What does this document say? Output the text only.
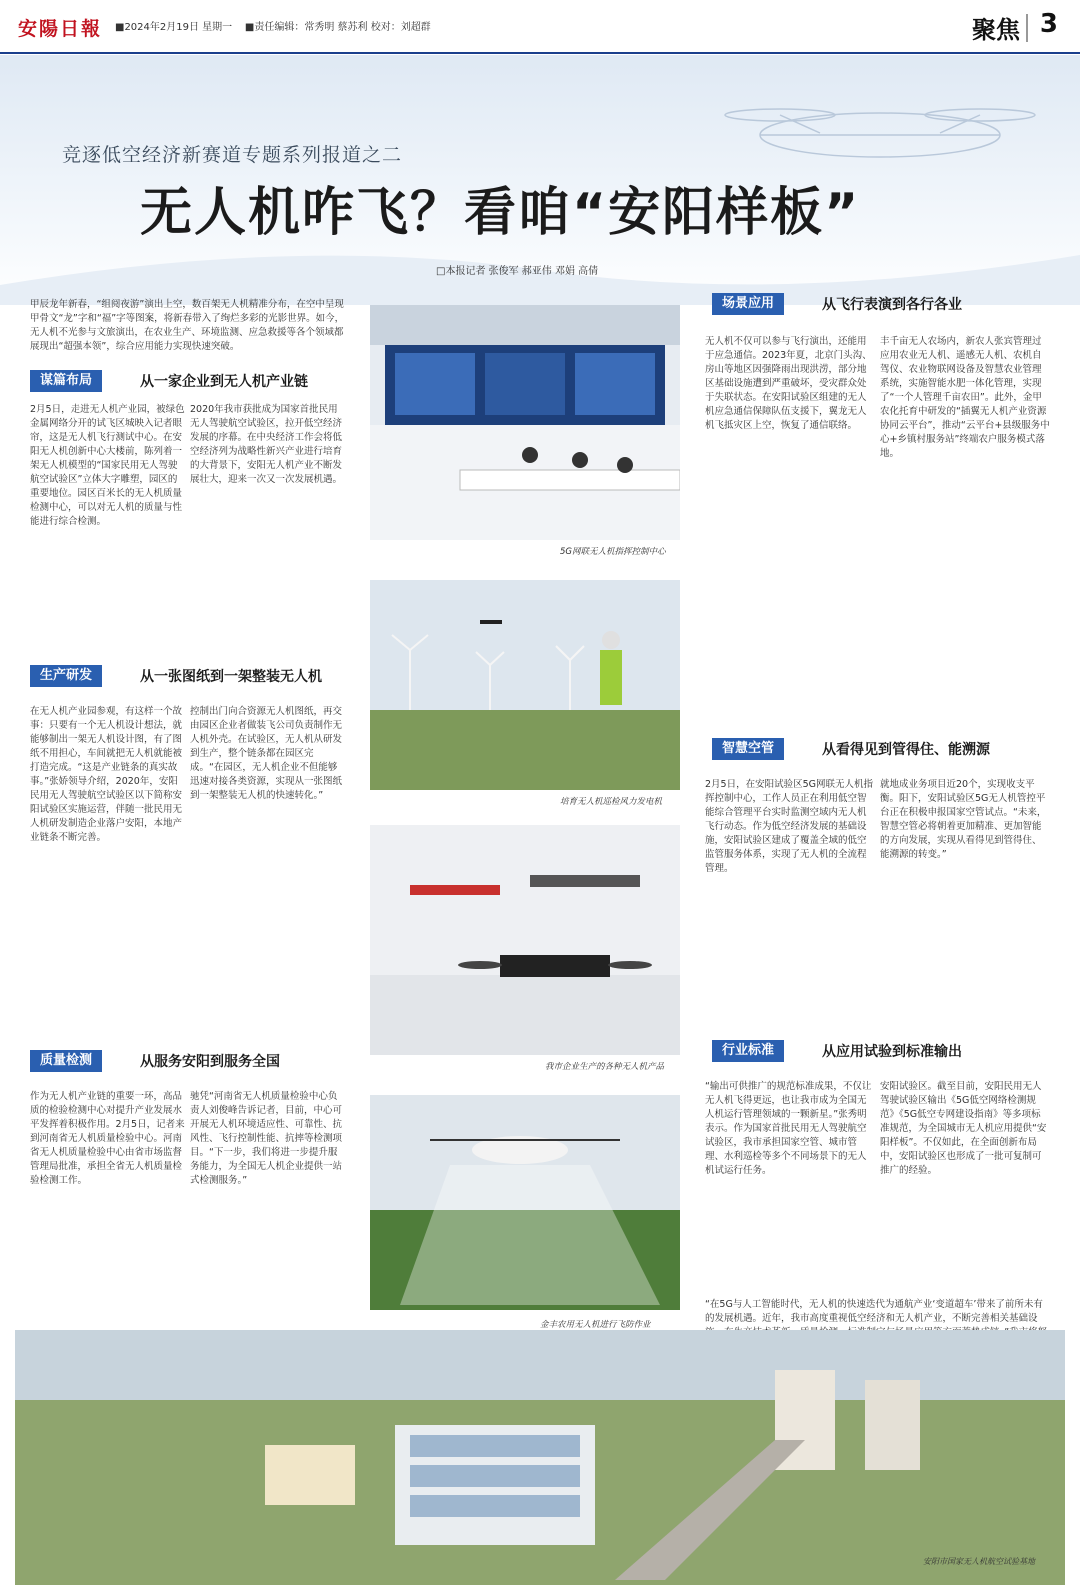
安陽日報 ■2024年2月19日 星期一 ■责任编辑：常秀明 蔡苏利 校对：刘超群	聚焦 3
竞逐低空经济新赛道专题系列报道之二
无人机咋飞？看咱“安阳样板”
□本报记者 张俊军 郝亚伟 邓娟 高倩
甲辰龙年新春，“组阅夜游”演出上空，数百架无人机精准分布，在空中呈现甲骨文“龙”字和“福”字等图案，将新春带入了绚烂多彩的光影世界。如今，无人机不光参与文旅演出，在农业生产、环境监测、应急救援等各个领域都展现出“超强本领”，综合应用能力实现快速突破。
谋篇布局	从一家企业到无人机产业链
2月5日，走进无人机产业园，被绿色金属网络分开的试飞区城映入记者眼帘，这是无人机飞行测试中心。在安阳无人机创新中心大楼前，陈列着一架无人机模型的“国家民用无人驾驶航空试验区”立体大字雕塑，园区的重要地位。园区百米长的无人机质量检测中心，可以对无人机的质量与性能进行综合检测。
2020年我市获批成为国家首批民用无人驾驶航空试验区，拉开低空经济发展的序幕。在中央经济工作会将低空经济列为战略性新兴产业进行培育的大背景下，安阳无人机产业不断发展壮大，迎来一次又一次发展机遇。
生产研发	从一张图纸到一架整装无人机
在无人机产业园参观，有这样一个故事：只要有一个无人机设计想法，就能够制出一架无人机设计图，有了图纸不用担心，车间就把无人机就能被打造完成。“这是产业链条的真实故事。”张娇领导介绍，2020年，安阳民用无人驾驶航空试验区以下简称安阳试验区实施运营，伴随一批民用无人机研发制造企业落户安阳，本地产业链条不断完善。
控制出门向合资源无人机图纸，再交由园区企业者做装飞公司负责制作无人机外壳。在试验区，无人机从研发到生产，整个链条都在园区完成。“在园区，无人机企业不但能够迅速对接各类资源，实现从一张图纸到一架整装无人机的快速转化。”
质量检测	从服务安阳到服务全国
作为无人机产业链的重要一环，高品质的检验检测中心对提升产业发展水平发挥着积极作用。2月5日，记者来到河南省无人机质量检验中心。河南省无人机质量检验中心由省市场监督管理局批准，承担全省无人机质量检验检测工作。
驰凭“河南省无人机质量检验中心负责人刘俊峰告诉记者，目前，中心可开展无人机环境适应性、可靠性、抗风性、飞行控制性能、抗摔等检测项目。“下一步，我们将进一步提升服务能力，为全国无人机企业提供一站式检测服务。”
5G网联无人机指挥控制中心
培育无人机巡检风力发电机
我市企业生产的各种无人机产品
金丰农用无人机进行飞防作业
场景应用	从飞行表演到各行各业
无人机不仅可以参与飞行演出，还能用于应急通信。2023年夏，北京门头沟、房山等地区因强降雨出现洪涝，部分地区基础设施遭到严重破坏，受灾群众处于失联状态。在安阳试验区组建的无人机应急通信保障队伍支援下，翼龙无人机飞抵灾区上空，恢复了通信联络。
丰千亩无人农场内，新农人张宾管理过应用农业无人机、遥感无人机、农机自驾仪、农业物联网设备及智慧农业管理系统，实施智能水肥一体化管理，实现了“一个人管理千亩农田”。此外，金甲农化托育中研发的“插翼无人机产业资源协同云平台”，推动“云平台+县级服务中心+乡镇村服务站”终端农户服务模式落地。
智慧空管	从看得见到管得住、能溯源
2月5日，在安阳试验区5G网联无人机指挥控制中心，工作人员正在利用低空智能综合管理平台实时监测空域内无人机飞行动态。作为低空经济发展的基础设施，安阳试验区建成了覆盖全域的低空监管服务体系，实现了无人机的全流程管理。
就地成业务项目近20个，实现收支平衡。阳下，安阳试验区5G无人机管控平台正在积极申报国家空管试点。“未来，智慧空管必将朝着更加精准、更加智能的方向发展，实现从看得见到管得住、能溯源的转变。”
行业标准	从应用试验到标准输出
“输出可供推广的规范标准成果，不仅让无人机飞得更远，也让我市成为全国无人机运行管理领域的一颗新星。”张秀明表示。作为国家首批民用无人驾驶航空试验区，我市承担国家空管、城市管理、水利巡检等多个不同场景下的无人机试运行任务。
安阳试验区。截至目前，安阳民用无人驾驶试验区输出《5G低空网络检测规范》《5G低空专网建设指南》等多项标准规范，为全国城市无人机应用提供“安阳样板”。不仅如此，在全面创新布局中，安阳试验区也形成了一批可复制可推广的经验。
“在5G与人工智能时代，无人机的快速迭代为通航产业‘变道超车’带来了前所未有的发展机遇。近年，我市高度重视低空经济和无人机产业，不断完善相关基础设
安阳市国家无人机航空试验基地
